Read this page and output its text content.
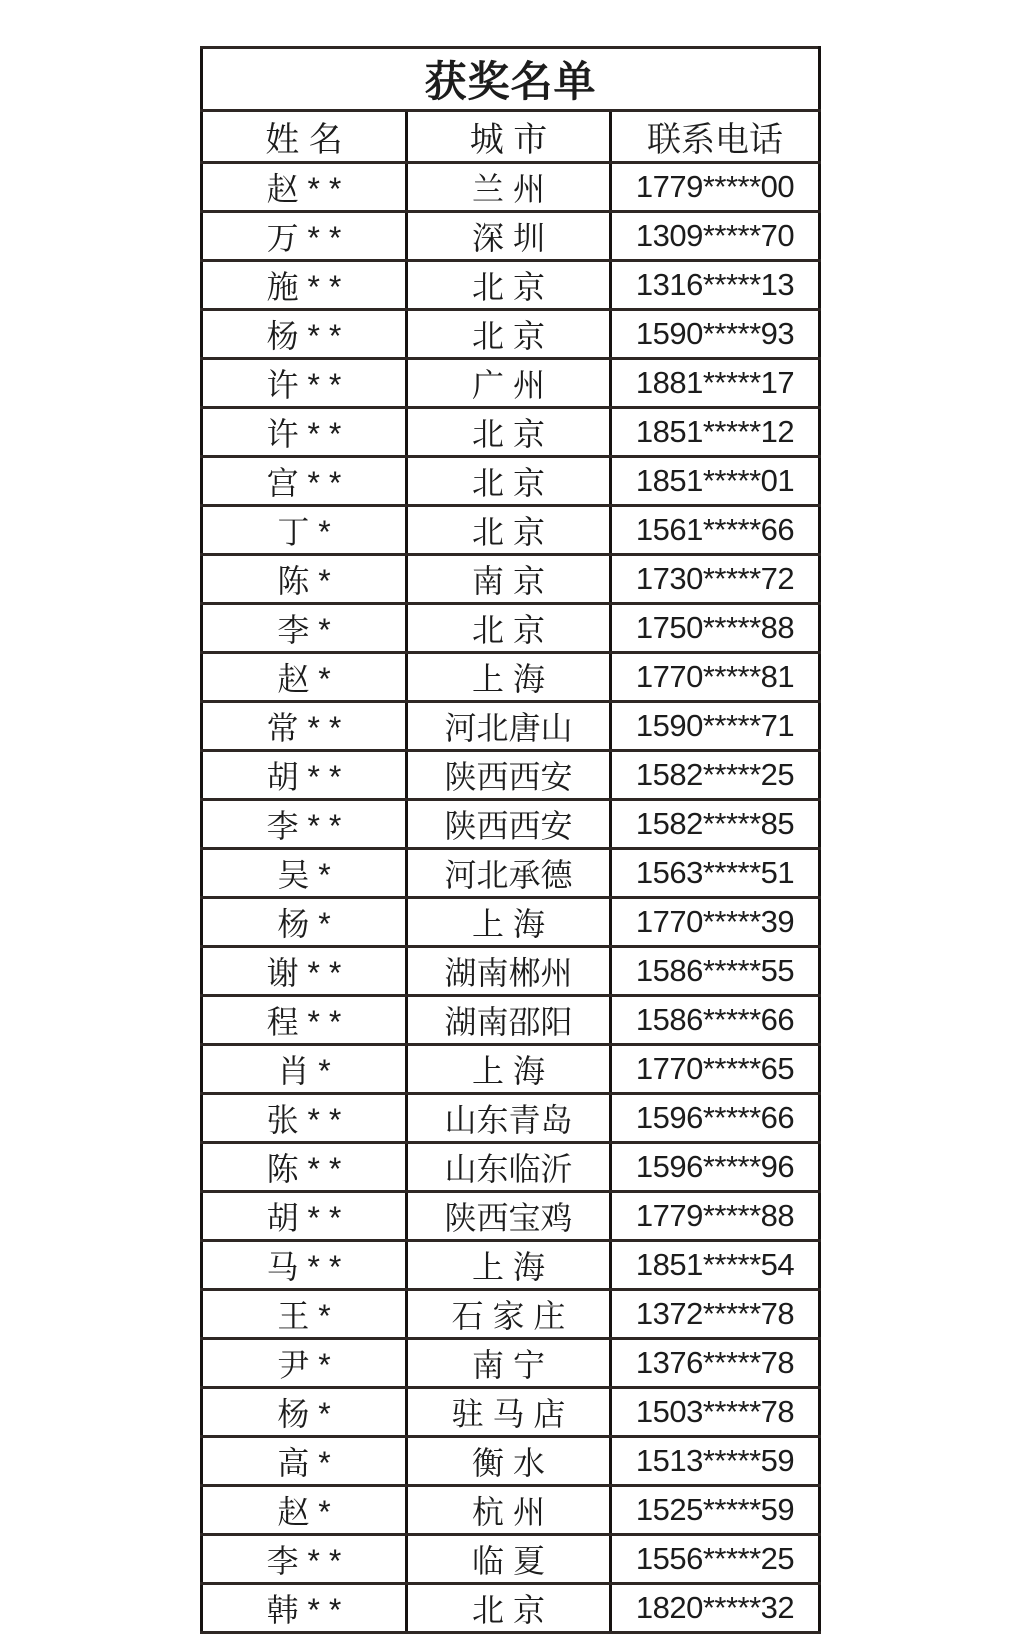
获奖名单		
姓 名	城 市	联系电话
赵 * *	兰 州	1779*****00
万 * *	深 圳	1309*****70
施 * *	北 京	1316*****13
杨 * *	北 京	1590*****93
许 * *	广 州	1881*****17
许 * *	北 京	1851*****12
宫 * *	北 京	1851*****01
丁 *	北 京	1561*****66
陈 *	南 京	1730*****72
李 *	北 京	1750*****88
赵 *	上 海	1770*****81
常 * *	河北唐山	1590*****71
胡 * *	陕西西安	1582*****25
李 * *	陕西西安	1582*****85
吴 *	河北承德	1563*****51
杨 *	上 海	1770*****39
谢 * *	湖南郴州	1586*****55
程 * *	湖南邵阳	1586*****66
肖 *	上 海	1770*****65
张 * *	山东青岛	1596*****66
陈 * *	山东临沂	1596*****96
胡 * *	陕西宝鸡	1779*****88
马 * *	上 海	1851*****54
王 *	石 家 庄	1372*****78
尹 *	南 宁	1376*****78
杨 *	驻 马 店	1503*****78
高 *	衡 水	1513*****59
赵 *	杭 州	1525*****59
李 * *	临 夏	1556*****25
韩 * *	北 京	1820*****32
